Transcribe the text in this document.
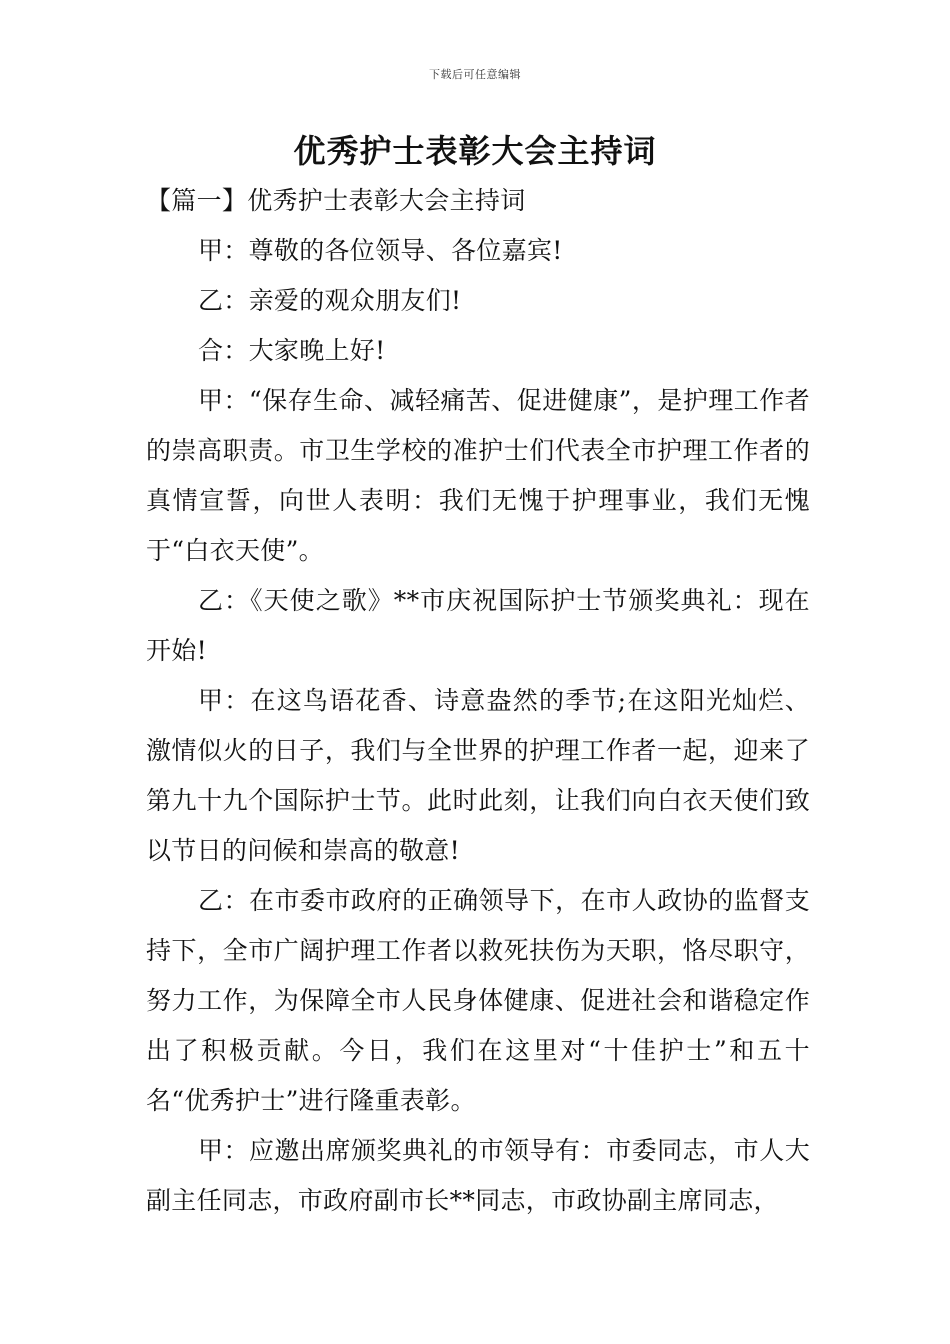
下载后可任意编辑
优秀护士表彰大会主持词

【篇一】优秀护士表彰大会主持词

甲：尊敬的各位领导、各位嘉宾!

乙：亲爱的观众朋友们!

合：大家晚上好!

甲：“保存生命、减轻痛苦、促进健康”，是护理工作者的崇高职责。市卫生学校的准护士们代表全市护理工作者的真情宣誓，向世人表明：我们无愧于护理事业，我们无愧于“白衣天使”。

乙：《天使之歌》**市庆祝国际护士节颁奖典礼：现在开始!

甲：在这鸟语花香、诗意盎然的季节;在这阳光灿烂、激情似火的日子，我们与全世界的护理工作者一起，迎来了第九十九个国际护士节。此时此刻，让我们向白衣天使们致以节日的问候和崇高的敬意!

乙：在市委市政府的正确领导下，在市人政协的监督支持下，全市广阔护理工作者以救死扶伤为天职，恪尽职守，努力工作，为保障全市人民身体健康、促进社会和谐稳定作出了积极贡献。今日，我们在这里对“十佳护士”和五十名“优秀护士”进行隆重表彰。

甲：应邀出席颁奖典礼的市领导有：市委同志，市人大副主任同志，市政府副市长**同志，市政协副主席同志，
